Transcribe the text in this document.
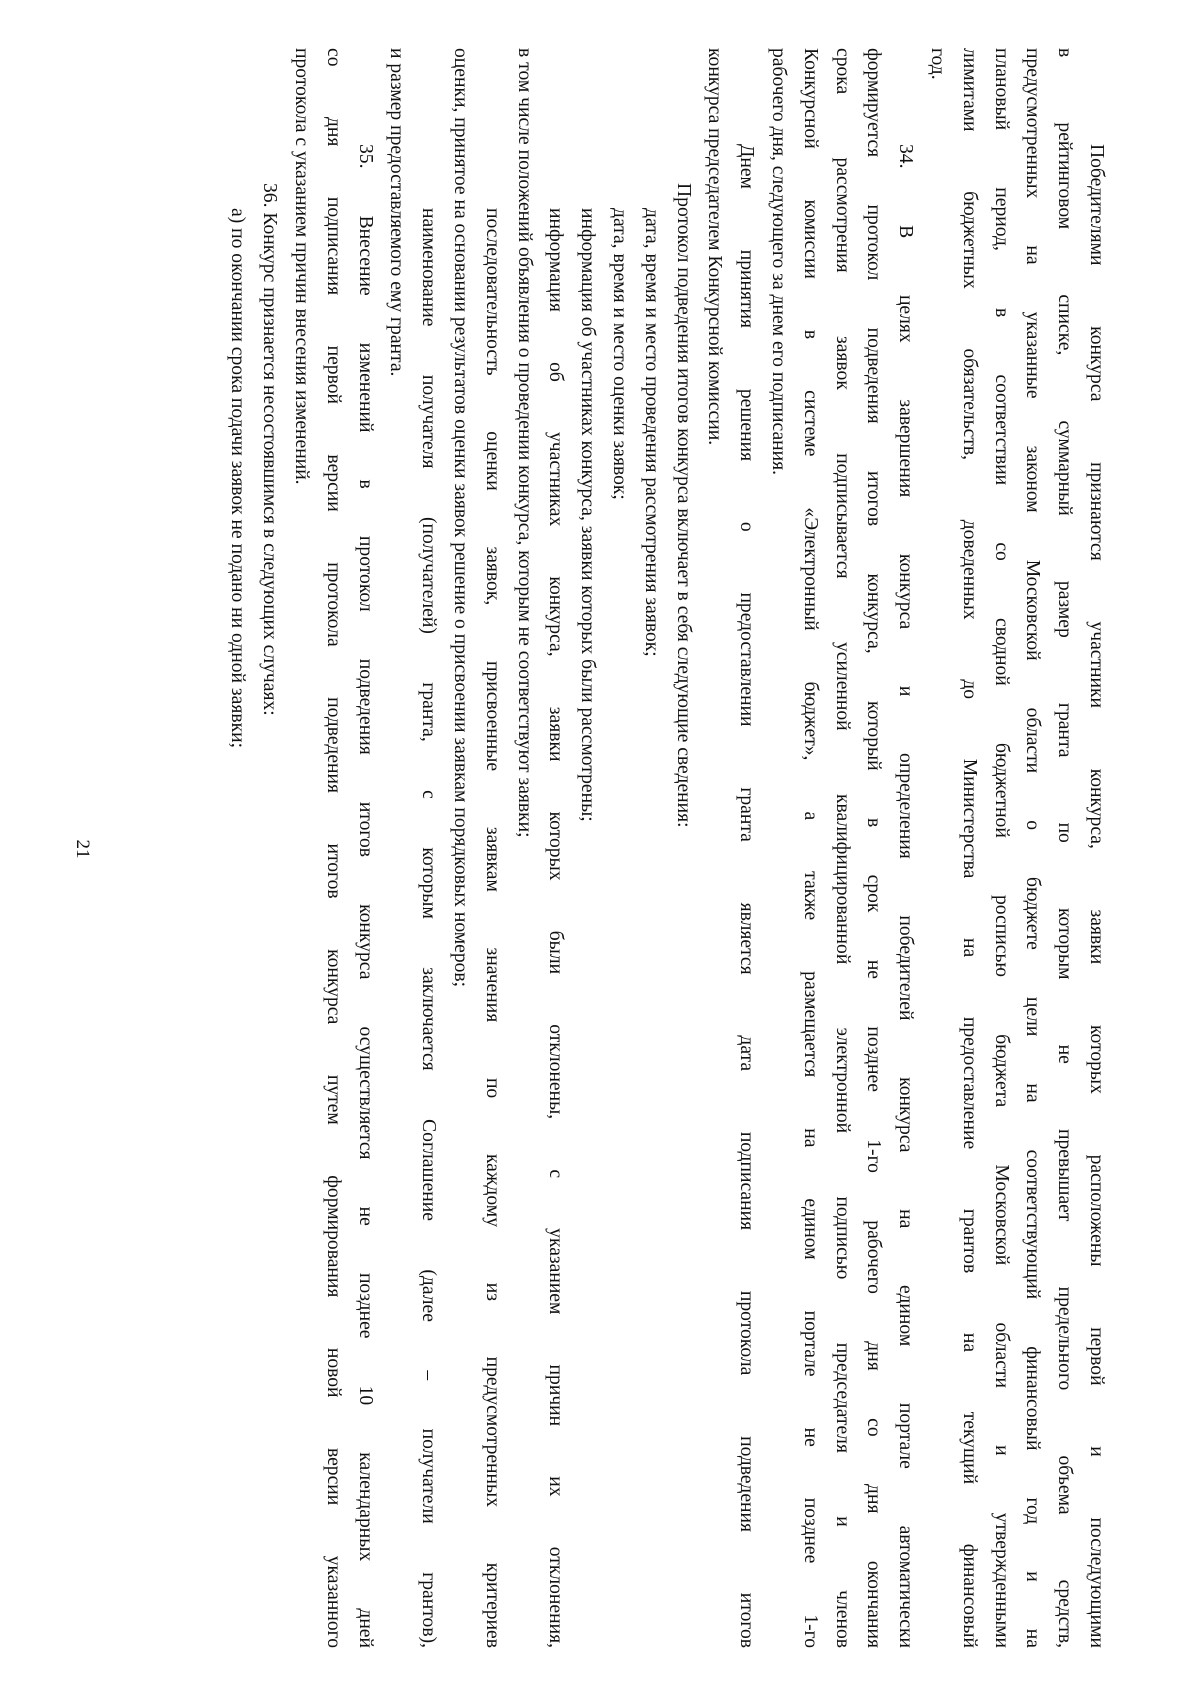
21	Победителями конкурса признаются участники конкурса, заявки которых расположены первой и последующими
в рейтинговом списке, суммарный размер гранта по которым не превышает предельного объема средств,
предусмотренных на указанные законом Московской области о бюджете цели на соответствующий финансовый год и на
плановый период, в соответствии со сводной бюджетной росписью бюджета Московской области и утвержденными
лимитами бюджетных обязательств, доведенных до Министерства на предоставление грантов на текущий финансовый
год.
34. В целях завершения конкурса и определения победителей конкурса на едином портале автоматически
формируется протокол подведения итогов конкурса, который в срок не позднее 1-го рабочего дня со дня окончания
срока рассмотрения заявок подписывается усиленной квалифицированной электронной подписью председателя и членов
Конкурсной комиссии в системе «Электронный бюджет», а также размещается на едином портале не позднее 1-го
рабочего дня, следующего за днем его подписания.
Днем принятия решения о предоставлении гранта является дата подписания протокола подведения итогов
конкурса председателем Конкурсной комиссии.
Протокол подведения итогов конкурса включает в себя следующие сведения:
дата, время и место проведения рассмотрения заявок;
дата, время и место оценки заявок;
информация об участниках конкурса, заявки которых были рассмотрены;
информация об участниках конкурса, заявки которых были отклонены, с указанием причин их отклонения,
в том числе положений объявления о проведении конкурса, которым не соответствуют заявки;
последовательность оценки заявок, присвоенные заявкам значения по каждому из предусмотренных критериев
оценки, принятое на основании результатов оценки заявок решение о присвоении заявкам порядковых номеров;
наименование получателя (получателей) гранта, с которым заключается Соглашение (далее – получатели грантов),
и размер предоставляемого ему гранта.
35. Внесение изменений в протокол подведения итогов конкурса осуществляется не позднее 10 календарных дней
со дня подписания первой версии протокола подведения итогов конкурса путем формирования новой версии указанного
протокола с указанием причин внесения изменений.
36. Конкурс признается несостоявшимся в следующих случаях:
а) по окончании срока подачи заявок не подано ни одной заявки;
